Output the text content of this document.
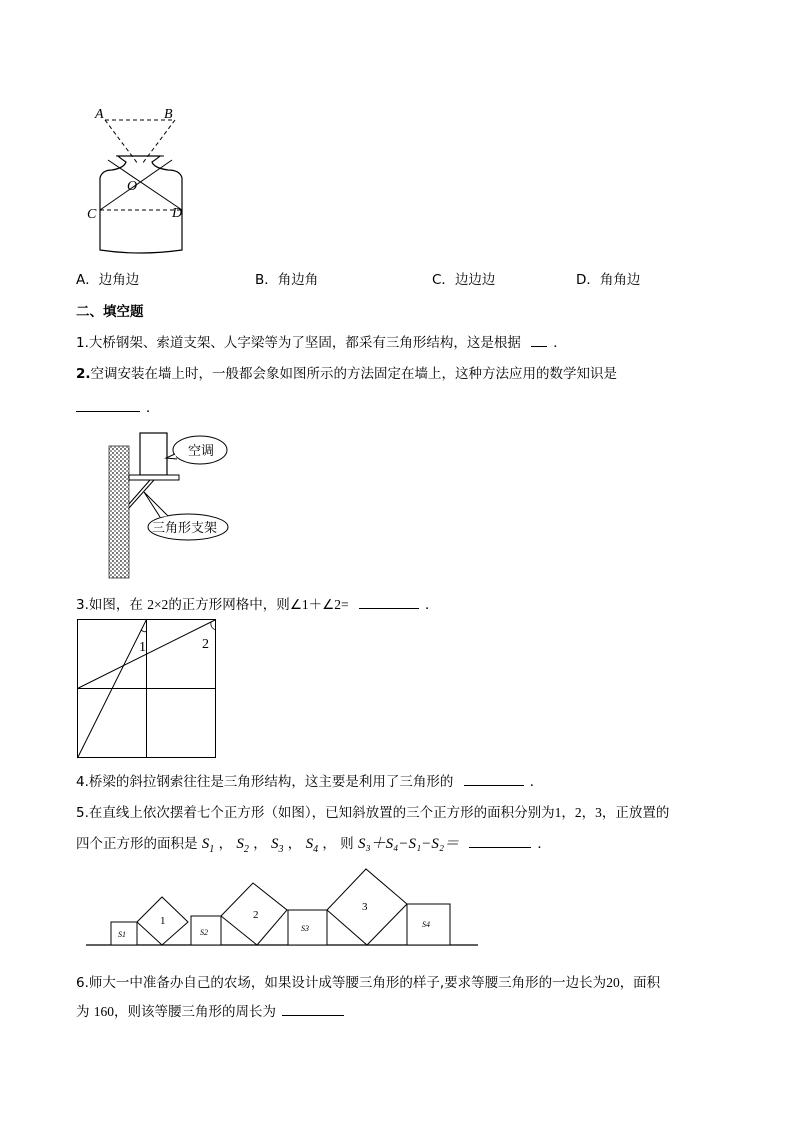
A	B
O
C	D
A．边角边	B．角边角	C．边边边	D．角角边
二、填空题
1.大桥钢架、索道支架、人字梁等为了坚固，都采有三角形结构，这是根据 ．
2.空调安装在墙上时，一般都会象如图所示的方法固定在墙上，这种方法应用的数学知识是
．
空调
三角形支架
3.如图，在 2×2的正方形网格中，则∠1＋∠2=	．
1	2
4.桥梁的斜拉钢索往往是三角形结构，这主要是利用了三角形的	．
5.在直线上依次摆着七个正方形（如图），已知斜放置的三个正方形的面积分别为1，2，3，正放置的
四个正方形的面积是 $S_1$ ， $S_2$ ， $S_3$ ， $S_4$ ， 则 S₃＋S₄−S₁−S₂＝	．
1	2
3
S1	S2	S3	S4
6.师大一中准备办自己的农场，如果设计成等腰三角形的样子,要求等腰三角形的一边长为20，面积
为 160，则该等腰三角形的周长为
